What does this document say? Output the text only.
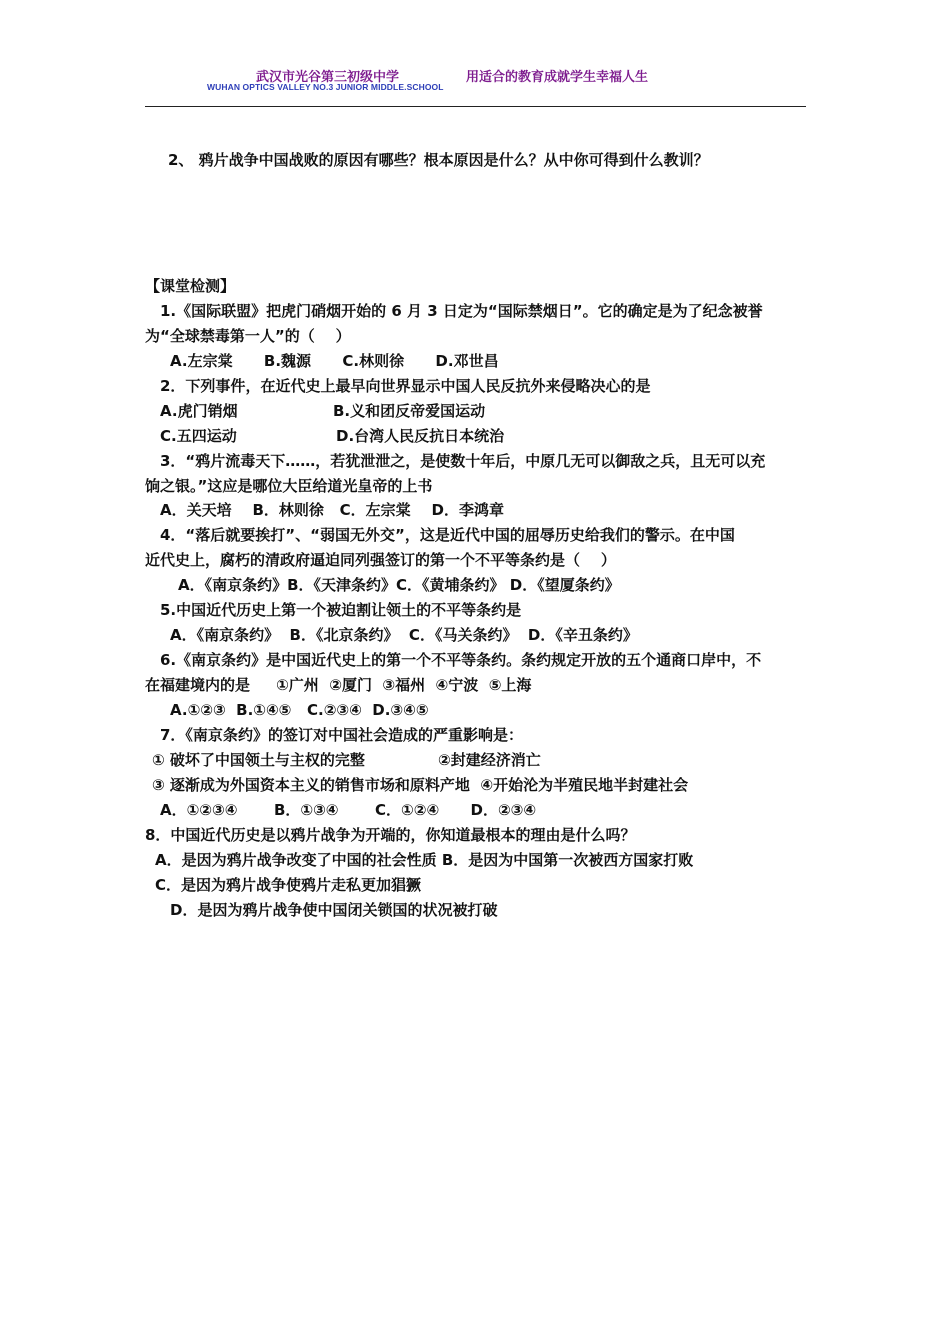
武汉市光谷第三初级中学	用适合的教育成就学生幸福人生
WUHAN OPTICS VALLEY NO.3 JUNIOR MIDDLE.SCHOOL
2、 鸦片战争中国战败的原因有哪些？根本原因是什么？从中你可得到什么教训？
【课堂检测】
1.《国际联盟》把虎门硝烟开始的 6 月 3 日定为“国际禁烟日”。它的确定是为了纪念被誉
为“全球禁毒第一人”的（    ）
A.左宗棠      B.魏源      C.林则徐      D.邓世昌
2．下列事件，在近代史上最早向世界显示中国人民反抗外来侵略决心的是
A.虎门销烟	B.义和团反帝爱国运动
C.五四运动	D.台湾人民反抗日本统治
3．“鸦片流毒天下……，若犹泄泄之，是使数十年后，中原几无可以御敌之兵，且无可以充
饷之银。”这应是哪位大臣给道光皇帝的上书
A．关天培    B．林则徐   C．左宗棠    D．李鸿章
4．“落后就要挨打”、“弱国无外交”，这是近代中国的屈辱历史给我们的警示。在中国
近代史上，腐朽的清政府逼迫同列强签订的第一个不平等条约是（    ）
A．《南京条约》B．《天津条约》C．《黄埔条约》 D．《望厦条约》
5.中国近代历史上第一个被迫割让领土的不平等条约是
A．《南京条约》  B．《北京条约》  C．《马关条约》  D．《辛丑条约》
6.《南京条约》是中国近代史上的第一个不平等条约。条约规定开放的五个通商口岸中，不
在福建境内的是     ①广州  ②厦门  ③福州  ④宁波  ⑤上海
A.①②③  B.①④⑤   C.②③④  D.③④⑤
7．《南京条约》的签订对中国社会造成的严重影响是：
① 破坏了中国领土与主权的完整              ②封建经济消亡
③ 逐渐成为外国资本主义的销售市场和原料产地  ④开始沦为半殖民地半封建社会
A．①②③④       B．①③④       C．①②④      D．②③④
8．中国近代历史是以鸦片战争为开端的，你知道最根本的理由是什么吗？
A．是因为鸦片战争改变了中国的社会性质 B．是因为中国第一次被西方国家打败
C．是因为鸦片战争使鸦片走私更加猖獗
D．是因为鸦片战争使中国闭关锁国的状况被打破
